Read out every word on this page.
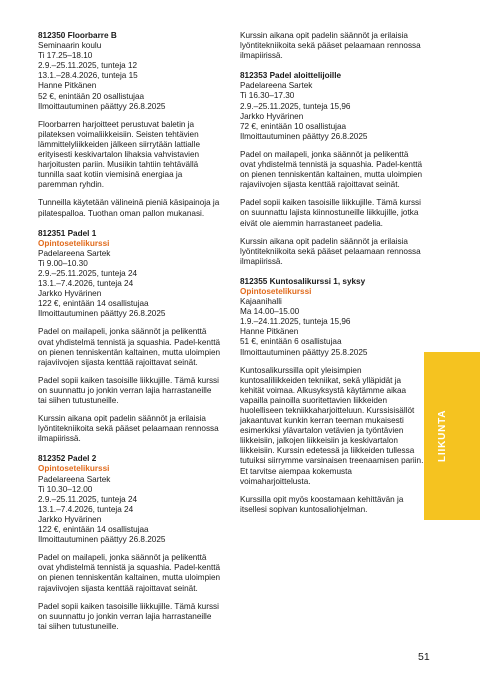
812350 Floorbarre B
Seminaarin koulu
Ti 17.25–18.10
2.9.–25.11.2025, tunteja 12
13.1.–28.4.2026, tunteja 15
Hanne Pitkänen
52 €, enintään 20 osallistujaa
Ilmoittautuminen päättyy 26.8.2025

Floorbarren harjoitteet perustuvat baletin ja pilateksen voimaliikkeisiin. Seisten tehtävien lämmittelyliikkeiden jälkeen siirrytään lattialle erityisesti keskivartalon lihaksia vahvistavien harjoitusten pariin. Musiikin tahtiin tehtävällä tunnilla saat kotiin viemisinä energiaa ja paremman ryhdin.

Tunneilla käytetään välineinä pieniä käsipainoja ja pilatespalloa. Tuothan oman pallon mukanasi.

812351 Padel 1
Opintosetelikurssi
Padelareena Sartek
Ti 9.00–10.30
2.9.–25.11.2025, tunteja 24
13.1.–7.4.2026, tunteja 24
Jarkko Hyvärinen
122 €, enintään 14 osallistujaa
Ilmoittautuminen päättyy 26.8.2025

Padel on mailapeli, jonka säännöt ja pelikenttä ovat yhdistelmä tennistä ja squashia. Padel-kenttä on pienen tenniskentän kaltainen, mutta uloimpien rajaviivojen sijasta kenttää rajoittavat seinät.

Padel sopii kaiken tasoisille liikkujille. Tämä kurssi on suunnattu jo jonkin verran lajia harrastaneille tai siihen tutustuneille.

Kurssin aikana opit padelin säännöt ja erilaisia lyöntitekniikoita sekä pääset pelaamaan rennossa ilmapiirissä.

812352 Padel 2
Opintosetelikurssi
Padelareena Sartek
Ti 10.30–12.00
2.9.–25.11.2025, tunteja 24
13.1.–7.4.2026, tunteja 24
Jarkko Hyvärinen
122 €, enintään 14 osallistujaa
Ilmoittautuminen päättyy 26.8.2025

Padel on mailapeli, jonka säännöt ja pelikenttä ovat yhdistelmä tennistä ja squashia. Padel-kenttä on pienen tenniskentän kaltainen, mutta uloimpien rajaviivojen sijasta kenttää rajoittavat seinät.

Padel sopii kaiken tasoisille liikkujille. Tämä kurssi on suunnattu jo jonkin verran lajia harrastaneille tai siihen tutustuneille.

Kurssin aikana opit padelin säännöt ja erilaisia lyöntitekniikoita sekä pääset pelaamaan rennossa ilmapiirissä.

812353 Padel aloittelijoille
Padelareena Sartek
Ti 16.30–17.30
2.9.–25.11.2025, tunteja 15,96
Jarkko Hyvärinen
72 €, enintään 10 osallistujaa
Ilmoittautuminen päättyy 26.8.2025

Padel on mailapeli, jonka säännöt ja pelikenttä ovat yhdistelmä tennistä ja squashia. Padel-kenttä on pienen tenniskentän kaltainen, mutta uloimpien rajaviivojen sijasta kenttää rajoittavat seinät.

Padel sopii kaiken tasoisille liikkujille. Tämä kurssi on suunnattu lajista kiinnostuneille liikkujille, jotka eivät ole aiemmin harrastaneet padelia.

Kurssin aikana opit padelin säännöt ja erilaisia lyöntitekniikoita sekä pääset pelaamaan rennossa ilmapiirissä.

812355 Kuntosalikurssi 1, syksy
Opintosetelikurssi
Kajaanihalli
Ma 14.00–15.00
1.9.–24.11.2025, tunteja 15,96
Hanne Pitkänen
51 €, enintään 6 osallistujaa
Ilmoittautuminen päättyy 25.8.2025

Kuntosalikurssilla opit yleisimpien kuntosaliliikkeiden tekniikat, sekä ylläpidät ja kehität voimaa. Alkusyksystä käytämme aikaa vapailla painoilla suoritettavien liikkeiden huolelliseen tekniikkaharjoitteluun. Kurssisisällöt jakaantuvat kunkin kerran teeman mukaisesti esimerkiksi ylävartalon vetävien ja työntävien liikkeisiin, jalkojen liikkeisiin ja keskivartalon liikkeisiin. Kurssin edetessä ja liikkeiden tullessa tutuiksi siirrymme varsinaisen treenaamisen pariin. Et tarvitse aiempaa kokemusta voimaharjoittelusta.

Kurssilla opit myös koostamaan kehittävän ja itsellesi sopivan kuntosaliohjelman.

LIIKUNTA
51
